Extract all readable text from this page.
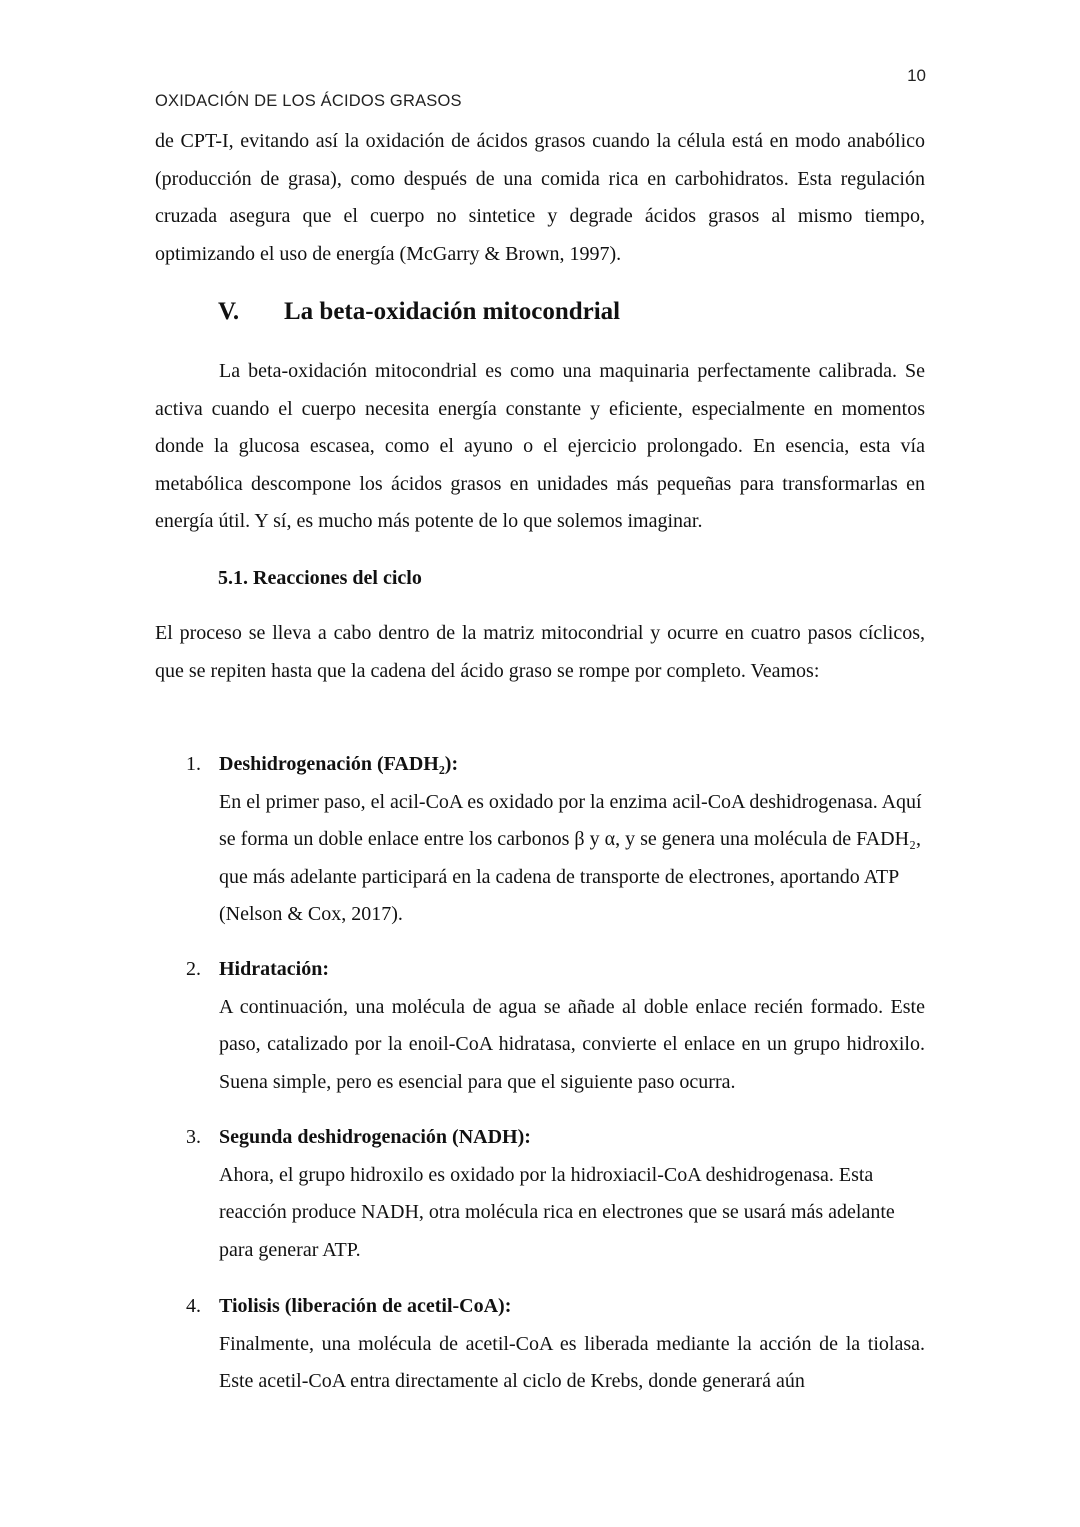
10
OXIDACIÓN DE LOS ÁCIDOS GRASOS

de CPT-I, evitando así la oxidación de ácidos grasos cuando la célula está en modo anabólico (producción de grasa), como después de una comida rica en carbohidratos. Esta regulación cruzada asegura que el cuerpo no sintetice y degrade ácidos grasos al mismo tiempo, optimizando el uso de energía (McGarry & Brown, 1997).

V. La beta-oxidación mitocondrial

La beta-oxidación mitocondrial es como una maquinaria perfectamente calibrada. Se activa cuando el cuerpo necesita energía constante y eficiente, especialmente en momentos donde la glucosa escasea, como el ayuno o el ejercicio prolongado. En esencia, esta vía metabólica descompone los ácidos grasos en unidades más pequeñas para transformarlas en energía útil. Y sí, es mucho más potente de lo que solemos imaginar.

5.1. Reacciones del ciclo

El proceso se lleva a cabo dentro de la matriz mitocondrial y ocurre en cuatro pasos cíclicos, que se repiten hasta que la cadena del ácido graso se rompe por completo. Veamos:

1. Deshidrogenación (FADH₂):

En el primer paso, el acil-CoA es oxidado por la enzima acil-CoA deshidrogenasa. Aquí se forma un doble enlace entre los carbonos β y α, y se genera una molécula de FADH₂, que más adelante participará en la cadena de transporte de electrones, aportando ATP (Nelson & Cox, 2017).

2. Hidratación:

A continuación, una molécula de agua se añade al doble enlace recién formado. Este paso, catalizado por la enoil-CoA hidratasa, convierte el enlace en un grupo hidroxilo. Suena simple, pero es esencial para que el siguiente paso ocurra.

3. Segunda deshidrogenación (NADH):

Ahora, el grupo hidroxilo es oxidado por la hidroxiacil-CoA deshidrogenasa. Esta reacción produce NADH, otra molécula rica en electrones que se usará más adelante para generar ATP.

4. Tiolisis (liberación de acetil-CoA):

Finalmente, una molécula de acetil-CoA es liberada mediante la acción de la tiolasa. Este acetil-CoA entra directamente al ciclo de Krebs, donde generará aún
